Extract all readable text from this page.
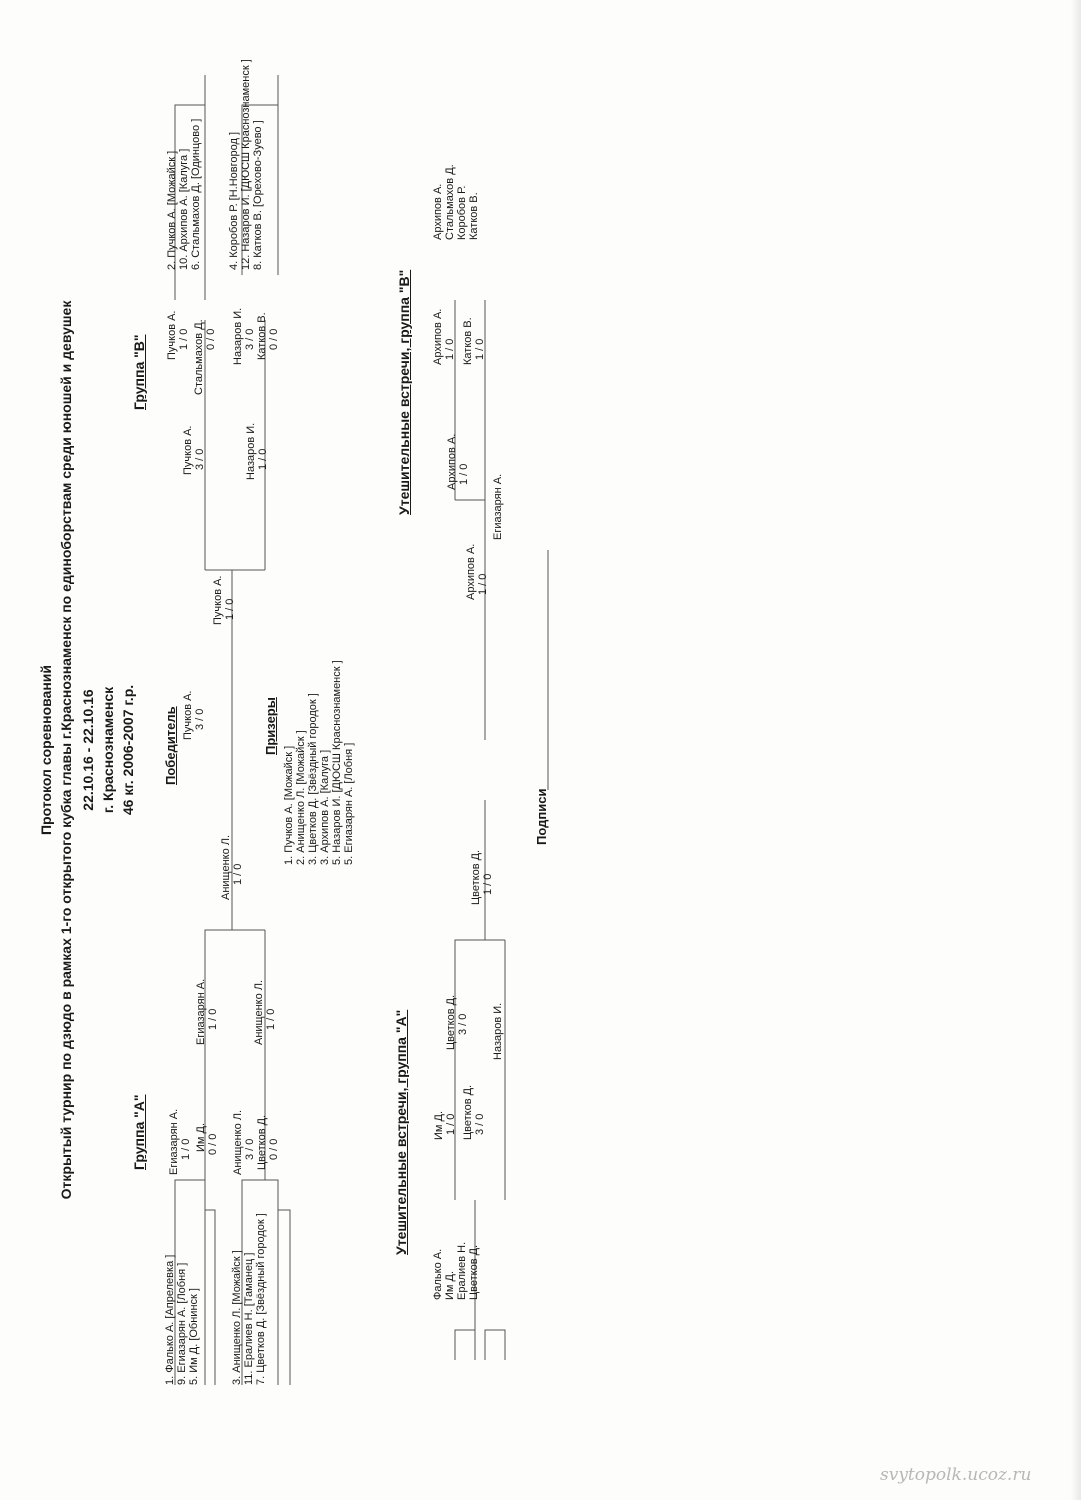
Протокол соревнований Открытый турнир по дзюдо в рамках 1-го открытого кубка главы г.Краснознаменск по единоборствам среди юношей и девушек 22.10.16 - 22.10.16 г. Краснознаменск 46 кг. 2006-2007 г.р.
Группа "А"
Группа "В"
1. Фалько А. [Апрелевка ] 9. Егиазарян А. [Лобня ] 5. Им Д. [Обнинск ]	3. Анищенко Л. [Можайск ] 11. Ералиев Н. [Таманец ] 7. Цветков Д. [Звёздный городок ]
Егиазарян А. 1 / 0 Им Д. 0 / 0 Анищенко Л. 3 / 0 Цветков Д. 0 / 0
Егиазарян А. 1 / 0	Анищенко Л. 1 / 0
Анищенко Л. 1 / 0
Победитель Пучков А. 3 / 0	Призеры
1. Пучков А. [Можайск ] 2. Анищенко Л. [Можайск ] 3. Цветков Д. [Звёздный городок ] 3. Архипов А. [Калуга ] 5. Назаров И. [ДЮСШ Краснознаменск ] 5. Егиазарян А. [Лобня ]
2. Пучков А. [Можайск ] 10. Архипов А. [Калуга ] 6. Стальмахов Д. [Одинцово ] 4. Коробов Р. [Н.Новгород ] 12. Назаров И. [ДЮСШ Краснознаменск ] 8. Катков В. [Орехово-Зуево ]
Пучков А. 1 / 0 Стальмахов Д. 0 / 0 Назаров И. 3 / 0 Катков В. 0 / 0
Пучков А. 3 / 0	Назаров И. 1 / 0
Пучков А. 1 / 0
Утешительные встречи, группа "А"
Фалько А. Им Д. Ералиев Н. Цветков Д.
Им Д. 1 / 0 Цветков Д. 3 / 0
Цветков Д. 3 / 0 Назаров И.
Цветков Д. 1 / 0
Утешительные встречи, группа "В"
Архипов А. Стальмахов Д. Коробов Р. Катков В.
Архипов А. 1 / 0 Катков В. 1 / 0
Архипов А. 1 / 0 Егиазарян А.
Архипов А. 1 / 0
Подписи
svytopolk.ucoz.ru
